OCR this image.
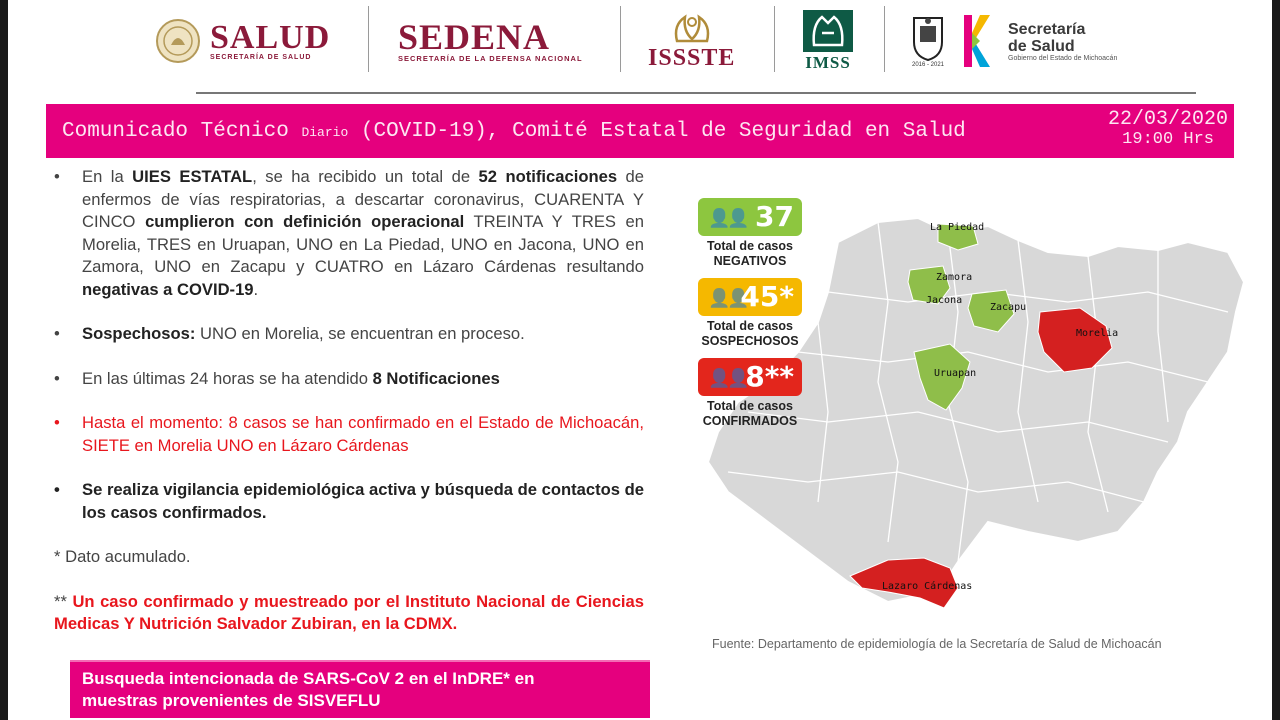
SALUD
SECRETARÍA DE SALUD
SEDENA
SECRETARÍA DE LA DEFENSA NACIONAL	ISSSTE	IMSS	2016 - 2021
Secretaría
de Salud
Gobierno del Estado de Michoacán
Comunicado Técnico Diario (COVID-19), Comité Estatal de Seguridad en Salud
22/03/2020
19:00 Hrs
• En la UIES ESTATAL, se ha recibido un total de 52 notificaciones de enfermos de vías respiratorias, a descartar coronavirus, CUARENTA Y CINCO cumplieron con definición operacional TREINTA Y TRES en Morelia, TRES en Uruapan, UNO en La Piedad, UNO en Jacona, UNO en Zamora, UNO en Zacapu y CUATRO en Lázaro Cárdenas resultando negativas a COVID-19.
• Sospechosos: UNO en Morelia, se encuentran en proceso.
• En las últimas 24 horas se ha atendido 8 Notificaciones
• Hasta el momento: 8 casos se han confirmado en el Estado de Michoacán, SIETE en Morelia UNO en Lázaro Cárdenas
• Se realiza vigilancia epidemiológica activa y búsqueda de contactos de los casos confirmados.
* Dato acumulado.
** Un caso confirmado y muestreado por el Instituto Nacional de Ciencias Medicas Y Nutrición Salvador Zubiran, en la CDMX.
Busqueda intencionada de SARS-CoV 2 en el InDRE* en muestras provenientes de SISVEFLU
La Piedad
Zamora
Jacona
Zacapu
Morelia
Uruapan
Lazaro Cárdenas
👤👤 37
Total de casos
NEGATIVOS
👤👤
45*
Total de casos
SOSPECHOSOS
👤👤
8**
Total de casos
CONFIRMADOS
Fuente: Departamento de epidemiología de la Secretaría de Salud de Michoacán
